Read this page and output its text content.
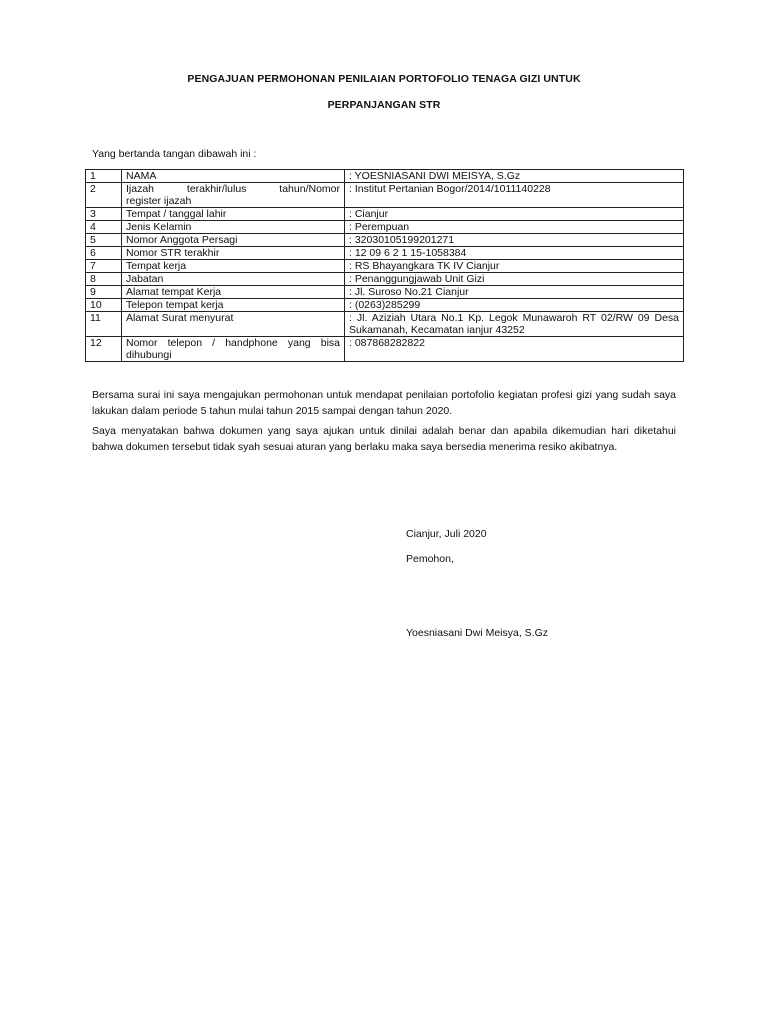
PENGAJUAN PERMOHONAN PENILAIAN PORTOFOLIO TENAGA GIZI UNTUK
PERPANJANGAN STR
Yang bertanda tangan dibawah ini :
1	NAMA	: YOESNIASANI DWI MEISYA, S.Gz
2	Ijazah terakhir/lulus tahun/Nomor
register ijazah	: Institut Pertanian Bogor/2014/1011140228
3	Tempat / tanggal lahir	: Cianjur
4	Jenis Kelamin	: Perempuan
5	Nomor Anggota Persagi	: 32030105199201271
6	Nomor STR terakhir	: 12 09 6 2 1 15-1058384
7	Tempat kerja	: RS Bhayangkara TK IV Cianjur
8	Jabatan	: Penanggungjawab Unit Gizi
9	Alamat tempat Kerja	: Jl. Suroso No.21 Cianjur
10	Telepon tempat kerja	: (0263)285299
11	Alamat Surat menyurat	: Jl. Aziziah Utara No.1 Kp. Legok Munawaroh RT 02/RW 09 Desa
Sukamanah, Kecamatan ianjur 43252

12	Nomor telepon / handphone yang bisa
dihubungi	: 087868282822
Bersama surai ini saya mengajukan permohonan untuk mendapat penilaian portofolio kegiatan profesi gizi yang sudah saya lakukan dalam periode 5 tahun mulai tahun 2015 sampai dengan tahun 2020.
Saya menyatakan bahwa dokumen yang saya ajukan untuk dinilai adalah benar dan apabila dikemudian hari diketahui bahwa dokumen tersebut tidak syah sesuai aturan yang berlaku maka saya bersedia menerima resiko akibatnya.
Cianjur, Juli 2020
Pemohon,
Yoesniasani Dwi Meisya, S.Gz
